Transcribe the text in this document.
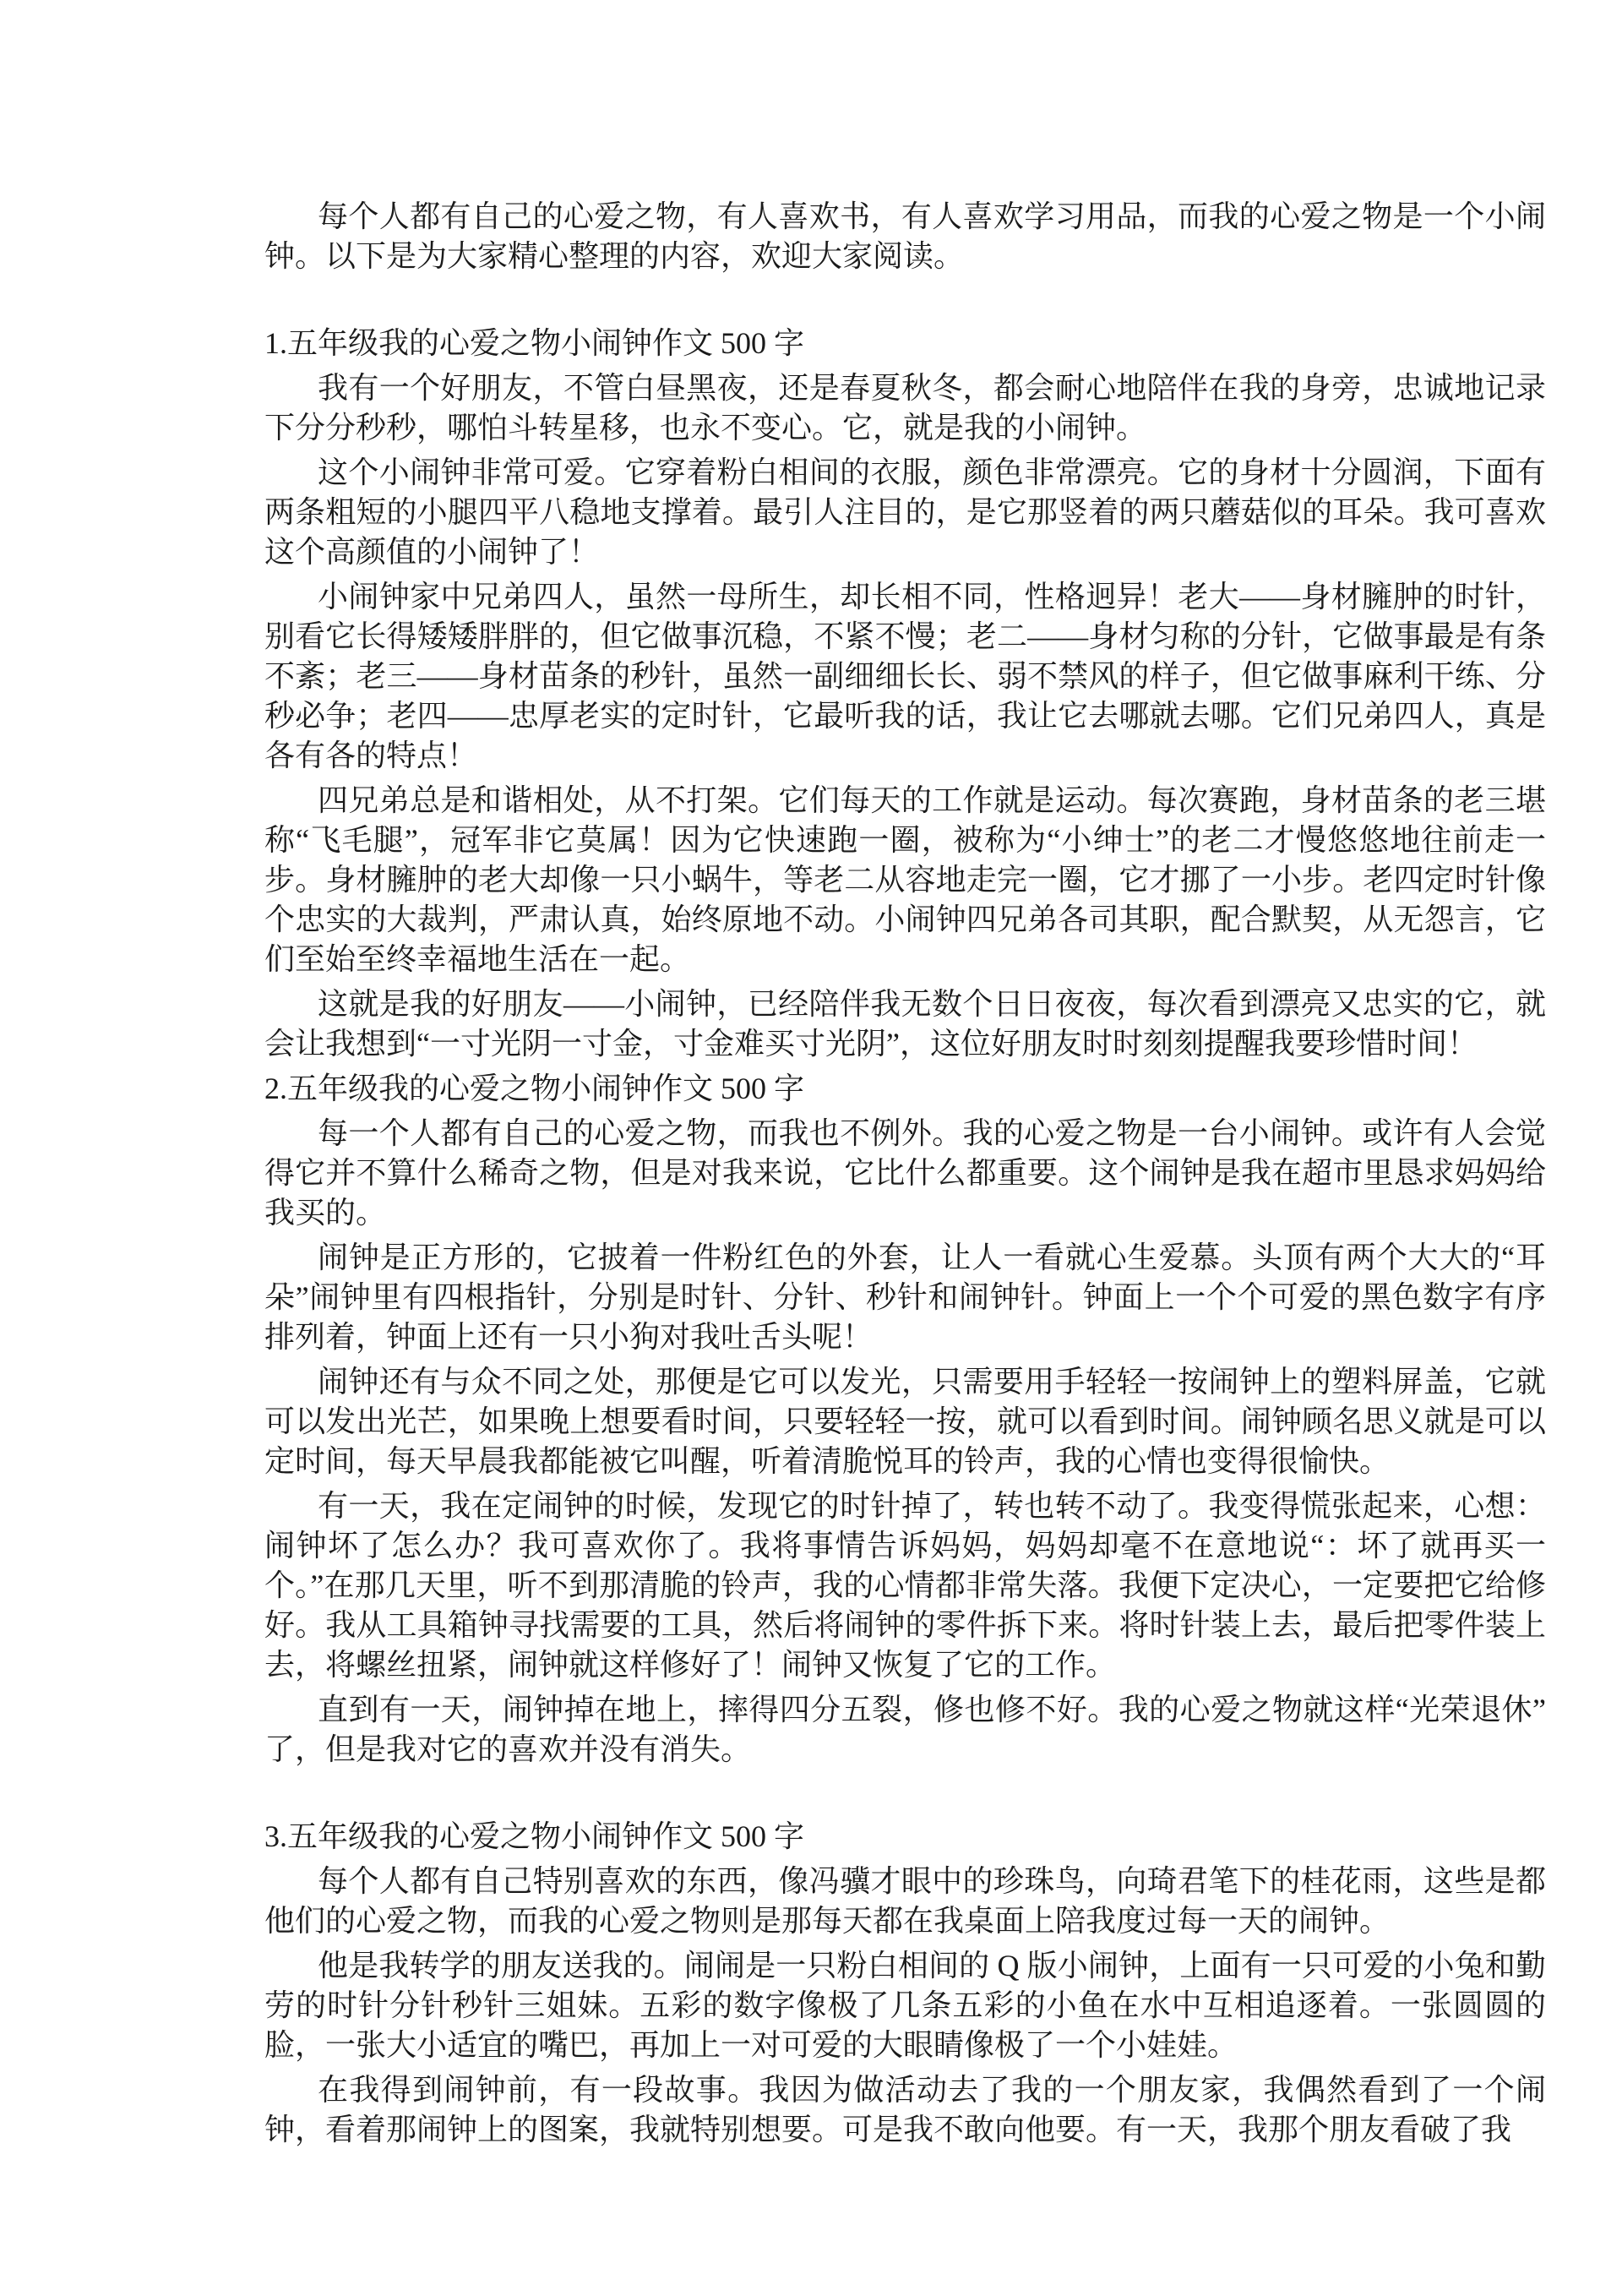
每个人都有自己的心爱之物，有人喜欢书，有人喜欢学习用品，而我的心爱之物是一个小闹钟。以下是为大家精心整理的内容，欢迎大家阅读。

1.五年级我的心爱之物小闹钟作文 500 字

我有一个好朋友，不管白昼黑夜，还是春夏秋冬，都会耐心地陪伴在我的身旁，忠诚地记录下分分秒秒，哪怕斗转星移，也永不变心。它，就是我的小闹钟。

这个小闹钟非常可爱。它穿着粉白相间的衣服，颜色非常漂亮。它的身材十分圆润，下面有两条粗短的小腿四平八稳地支撑着。最引人注目的，是它那竖着的两只蘑菇似的耳朵。我可喜欢这个高颜值的小闹钟了！

小闹钟家中兄弟四人，虽然一母所生，却长相不同，性格迥异！老大——身材臃肿的时针，别看它长得矮矮胖胖的，但它做事沉稳，不紧不慢；老二——身材匀称的分针，它做事最是有条不紊；老三——身材苗条的秒针，虽然一副细细长长、弱不禁风的样子，但它做事麻利干练、分秒必争；老四——忠厚老实的定时针，它最听我的话，我让它去哪就去哪。它们兄弟四人，真是各有各的特点！

四兄弟总是和谐相处，从不打架。它们每天的工作就是运动。每次赛跑，身材苗条的老三堪称“飞毛腿”，冠军非它莫属！因为它快速跑一圈，被称为“小绅士”的老二才慢悠悠地往前走一步。身材臃肿的老大却像一只小蜗牛，等老二从容地走完一圈，它才挪了一小步。老四定时针像个忠实的大裁判，严肃认真，始终原地不动。小闹钟四兄弟各司其职，配合默契，从无怨言，它们至始至终幸福地生活在一起。

这就是我的好朋友——小闹钟，已经陪伴我无数个日日夜夜，每次看到漂亮又忠实的它，就会让我想到“一寸光阴一寸金，寸金难买寸光阴”，这位好朋友时时刻刻提醒我要珍惜时间！

2.五年级我的心爱之物小闹钟作文 500 字

每一个人都有自己的心爱之物，而我也不例外。我的心爱之物是一台小闹钟。或许有人会觉得它并不算什么稀奇之物，但是对我来说，它比什么都重要。这个闹钟是我在超市里恳求妈妈给我买的。

闹钟是正方形的，它披着一件粉红色的外套，让人一看就心生爱慕。头顶有两个大大的“耳朵”闹钟里有四根指针，分别是时针、分针、秒针和闹钟针。钟面上一个个可爱的黑色数字有序排列着，钟面上还有一只小狗对我吐舌头呢！

闹钟还有与众不同之处，那便是它可以发光，只需要用手轻轻一按闹钟上的塑料屏盖，它就可以发出光芒，如果晚上想要看时间，只要轻轻一按，就可以看到时间。闹钟顾名思义就是可以定时间，每天早晨我都能被它叫醒，听着清脆悦耳的铃声，我的心情也变得很愉快。

有一天，我在定闹钟的时候，发现它的时针掉了，转也转不动了。我变得慌张起来，心想：闹钟坏了怎么办？我可喜欢你了。我将事情告诉妈妈，妈妈却毫不在意地说“：坏了就再买一个。”在那几天里，听不到那清脆的铃声，我的心情都非常失落。我便下定决心，一定要把它给修好。我从工具箱钟寻找需要的工具，然后将闹钟的零件拆下来。将时针装上去，最后把零件装上去，将螺丝扭紧，闹钟就这样修好了！闹钟又恢复了它的工作。

直到有一天，闹钟掉在地上，摔得四分五裂，修也修不好。我的心爱之物就这样“光荣退休”了，但是我对它的喜欢并没有消失。

3.五年级我的心爱之物小闹钟作文 500 字

每个人都有自己特别喜欢的东西，像冯骥才眼中的珍珠鸟，向琦君笔下的桂花雨，这些是都他们的心爱之物，而我的心爱之物则是那每天都在我桌面上陪我度过每一天的闹钟。

他是我转学的朋友送我的。闹闹是一只粉白相间的 Q 版小闹钟，上面有一只可爱的小兔和勤劳的时针分针秒针三姐妹。五彩的数字像极了几条五彩的小鱼在水中互相追逐着。一张圆圆的脸，一张大小适宜的嘴巴，再加上一对可爱的大眼睛像极了一个小娃娃。

在我得到闹钟前，有一段故事。我因为做活动去了我的一个朋友家，我偶然看到了一个闹钟，看着那闹钟上的图案，我就特别想要。可是我不敢向他要。有一天，我那个朋友看破了我
